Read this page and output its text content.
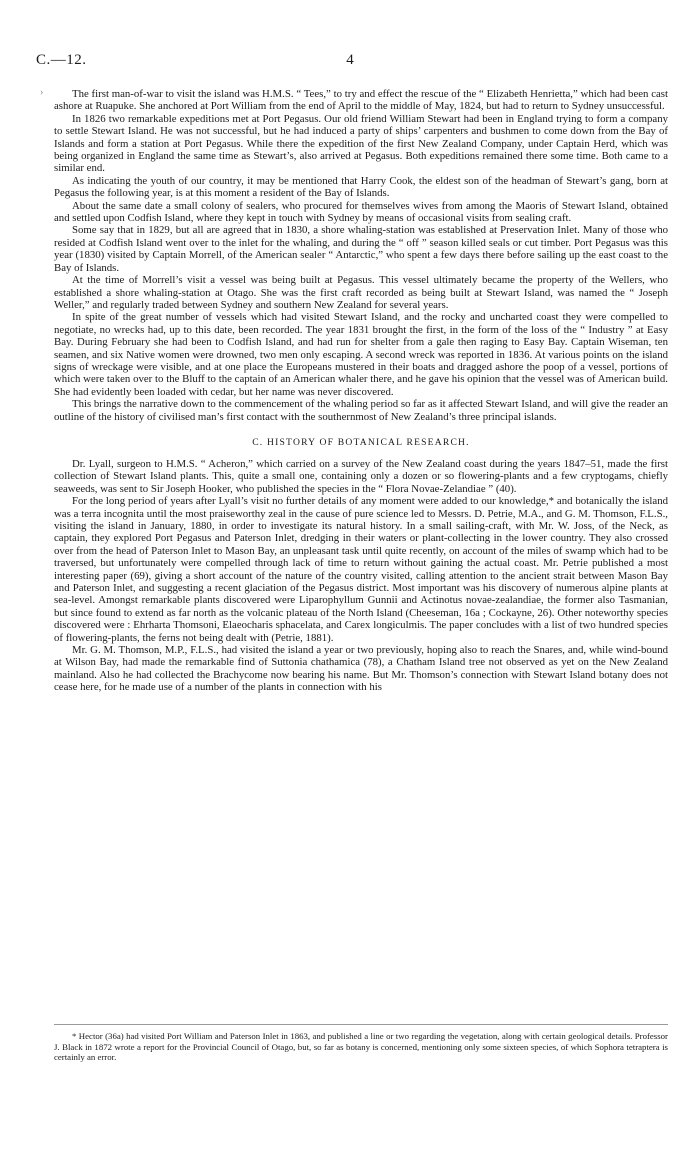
C.—12.	4
›	The first man-of-war to visit the island was H.M.S. “ Tees,” to try and effect the rescue of the “ Elizabeth Henrietta,” which had been cast ashore at Ruapuke. She anchored at Port William from the end of April to the middle of May, 1824, but had to return to Sydney unsuccessful.

In 1826 two remarkable expeditions met at Port Pegasus. Our old friend William Stewart had been in England trying to form a company to settle Stewart Island. He was not successful, but he had induced a party of ships’ carpenters and bushmen to come down from the Bay of Islands and form a station at Port Pegasus. While there the expedition of the first New Zealand Company, under Captain Herd, which was being organized in England the same time as Stewart’s, also arrived at Pegasus. Both expeditions remained there some time. Both came to a similar end.

As indicating the youth of our country, it may be mentioned that Harry Cook, the eldest son of the headman of Stewart’s gang, born at Pegasus the following year, is at this moment a resident of the Bay of Islands.

About the same date a small colony of sealers, who procured for themselves wives from among the Maoris of Stewart Island, obtained and settled upon Codfish Island, where they kept in touch with Sydney by means of occasional visits from sealing craft.

Some say that in 1829, but all are agreed that in 1830, a shore whaling-station was established at Preservation Inlet. Many of those who resided at Codfish Island went over to the inlet for the whaling, and during the “ off ” season killed seals or cut timber. Port Pegasus was this year (1830) visited by Captain Morrell, of the American sealer “ Antarctic,” who spent a few days there before sailing up the east coast to the Bay of Islands.

At the time of Morrell’s visit a vessel was being built at Pegasus. This vessel ultimately became the property of the Wellers, who established a shore whaling-station at Otago. She was the first craft recorded as being built at Stewart Island, was named the “ Joseph Weller,” and regularly traded between Sydney and southern New Zealand for several years.

In spite of the great number of vessels which had visited Stewart Island, and the rocky and uncharted coast they were compelled to negotiate, no wrecks had, up to this date, been recorded. The year 1831 brought the first, in the form of the loss of the “ Industry ” at Easy Bay. During February she had been to Codfish Island, and had run for shelter from a gale then raging to Easy Bay. Captain Wiseman, ten seamen, and six Native women were drowned, two men only escaping. A second wreck was reported in 1836. At various points on the island signs of wreckage were visible, and at one place the Europeans mustered in their boats and dragged ashore the poop of a vessel, portions of which were taken over to the Bluff to the captain of an American whaler there, and he gave his opinion that the vessel was of American build. She had evidently been loaded with cedar, but her name was never discovered.

This brings the narrative down to the commencement of the whaling period so far as it affected Stewart Island, and will give the reader an outline of the history of civilised man’s first contact with the southernmost of New Zealand’s three principal islands.

C. HISTORY OF BOTANICAL RESEARCH.

Dr. Lyall, surgeon to H.M.S. “ Acheron,” which carried on a survey of the New Zealand coast during the years 1847–51, made the first collection of Stewart Island plants. This, quite a small one, containing only a dozen or so flowering-plants and a few cryptogams, chiefly seaweeds, was sent to Sir Joseph Hooker, who published the species in the “ Flora Novae-Zelandiae ” (40).

For the long period of years after Lyall’s visit no further details of any moment were added to our knowledge,* and botanically the island was a terra incognita until the most praiseworthy zeal in the cause of pure science led to Messrs. D. Petrie, M.A., and G. M. Thomson, F.L.S., visiting the island in January, 1880, in order to investigate its natural history. In a small sailing-craft, with Mr. W. Joss, of the Neck, as captain, they explored Port Pegasus and Paterson Inlet, dredging in their waters or plant-collecting in the lower country. They also crossed over from the head of Paterson Inlet to Mason Bay, an unpleasant task until quite recently, on account of the miles of swamp which had to be traversed, but unfortunately were compelled through lack of time to return without gaining the actual coast. Mr. Petrie published a most interesting paper (69), giving a short account of the nature of the country visited, calling attention to the ancient strait between Mason Bay and Paterson Inlet, and suggesting a recent glaciation of the Pegasus district. Most important was his discovery of numerous alpine plants at sea-level. Amongst remarkable plants discovered were Liparophyllum Gunnii and Actinotus novae-zealandiae, the former also Tasmanian, but since found to extend as far north as the volcanic plateau of the North Island (Cheeseman, 16a ; Cockayne, 26). Other noteworthy species discovered were : Ehrharta Thomsoni, Elaeocharis sphacelata, and Carex longiculmis. The paper concludes with a list of two hundred species of flowering-plants, the ferns not being dealt with (Petrie, 1881).

Mr. G. M. Thomson, M.P., F.L.S., had visited the island a year or two previously, hoping also to reach the Snares, and, while wind-bound at Wilson Bay, had made the remarkable find of Suttonia chathamica (78), a Chatham Island tree not observed as yet on the New Zealand mainland. Also he had collected the Brachycome now bearing his name. But Mr. Thomson’s connection with Stewart Island botany does not cease here, for he made use of a number of the plants in connection with his

* Hector (36a) had visited Port William and Paterson Inlet in 1863, and published a line or two regarding the vegetation, along with certain geological details. Professor J. Black in 1872 wrote a report for the Provincial Council of Otago, but, so far as botany is concerned, mentioning only some sixteen species, of which Sophora tetraptera is certainly an error.
